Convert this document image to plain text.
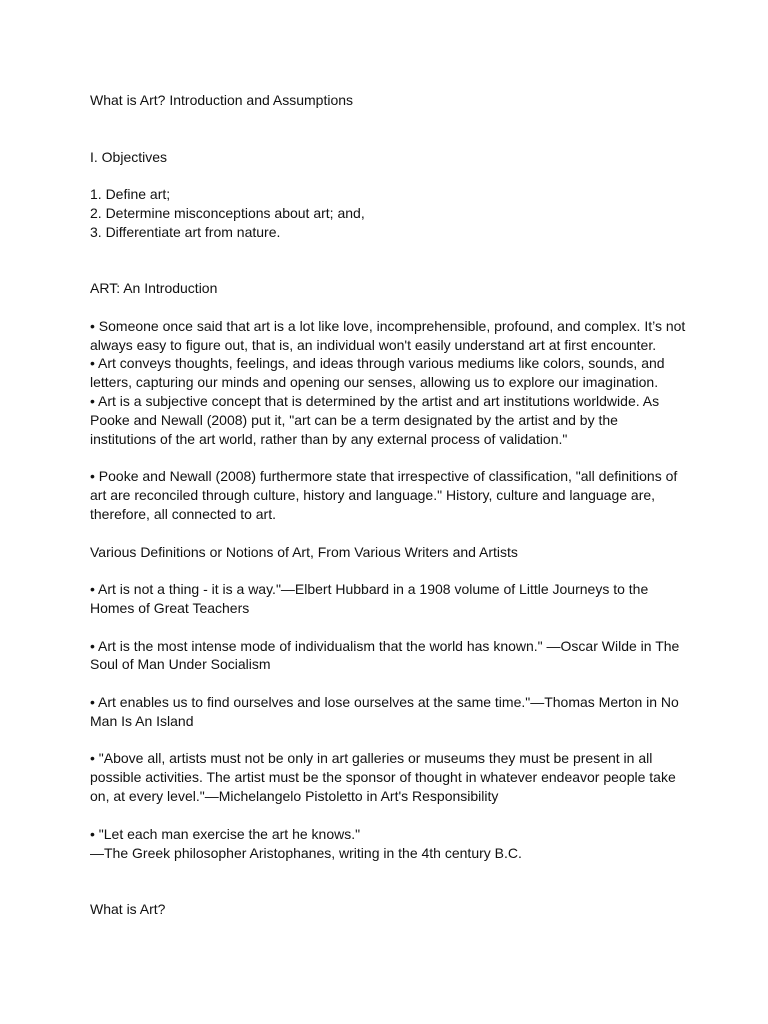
What is Art? Introduction and Assumptions
I. Objectives
1. Define art;
2. Determine misconceptions about art; and,
3. Differentiate art from nature.
ART: An Introduction
• Someone once said that art is a lot like love, incomprehensible, profound, and complex. It’s not
always easy to figure out, that is, an individual won't easily understand art at first encounter.
• Art conveys thoughts, feelings, and ideas through various mediums like colors, sounds, and
letters, capturing our minds and opening our senses, allowing us to explore our imagination.
• Art is a subjective concept that is determined by the artist and art institutions worldwide. As
Pooke and Newall (2008) put it, "art can be a term designated by the artist and by the
institutions of the art world, rather than by any external process of validation."
• Pooke and Newall (2008) furthermore state that irrespective of classification, "all definitions of
art are reconciled through culture, history and language." History, culture and language are,
therefore, all connected to art.
Various Definitions or Notions of Art, From Various Writers and Artists
• Art is not a thing - it is a way."—Elbert Hubbard in a 1908 volume of Little Journeys to the
Homes of Great Teachers
• Art is the most intense mode of individualism that the world has known." —Oscar Wilde in The
Soul of Man Under Socialism
• Art enables us to find ourselves and lose ourselves at the same time."—Thomas Merton in No
Man Is An Island
• "Above all, artists must not be only in art galleries or museums they must be present in all
possible activities. The artist must be the sponsor of thought in whatever endeavor people take
on, at every level."—Michelangelo Pistoletto in Art's Responsibility
• "Let each man exercise the art he knows."
—The Greek philosopher Aristophanes, writing in the 4th century B.C.
What is Art?
